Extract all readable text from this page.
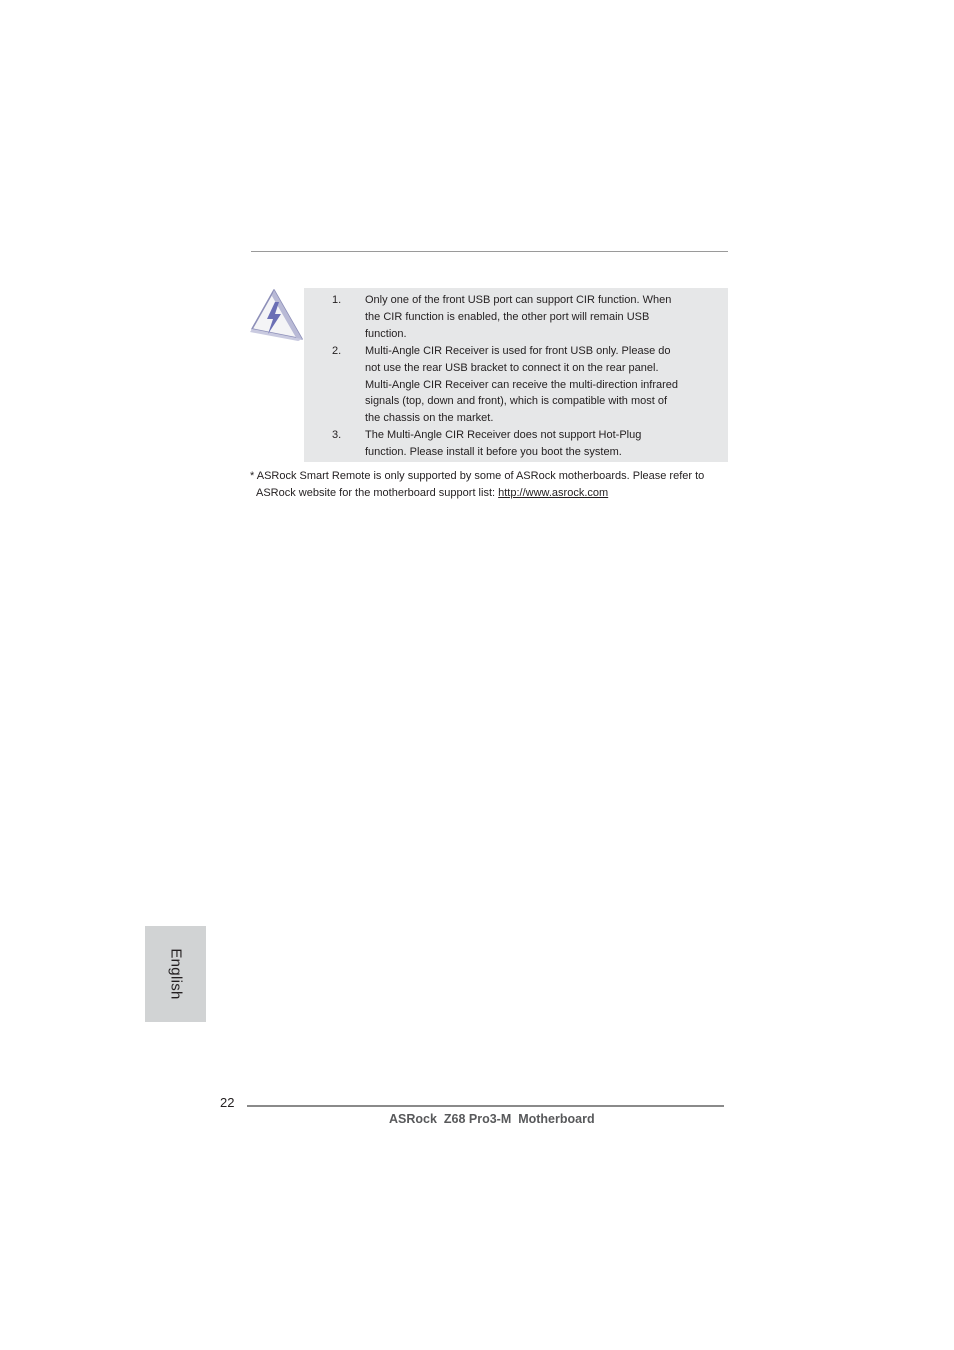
1. Only one of the front USB port can support CIR function. When
the CIR function is enabled, the other port will remain USB
function.
2. Multi-Angle CIR Receiver is used for front USB only. Please do
not use the rear USB bracket to connect it on the rear panel.
Multi-Angle CIR Receiver can receive the multi-direction infrared
signals (top, down and front), which is compatible with most of
the chassis on the market.
3. The Multi-Angle CIR Receiver does not support Hot-Plug
function. Please install it before you boot the system.
* ASRock Smart Remote is only supported by some of ASRock motherboards. Please refer to
ASRock website for the motherboard support list: http://www.asrock.com
English
22
ASRock  Z68 Pro3-M  Motherboard
